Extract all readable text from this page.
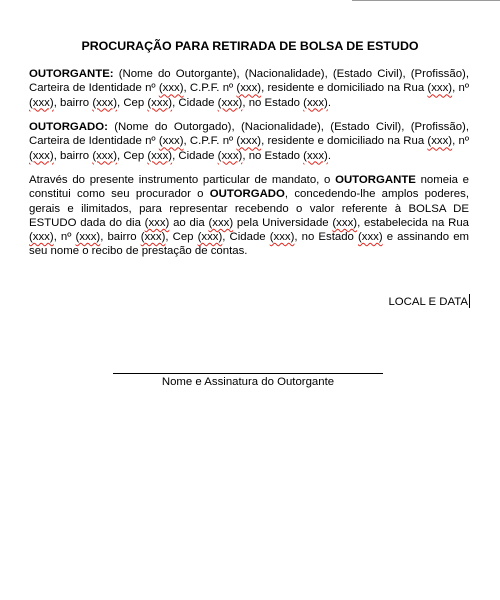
PROCURAÇÃO PARA RETIRADA DE BOLSA DE ESTUDO

OUTORGANTE: (Nome do Outorgante), (Nacionalidade), (Estado Civil), (Profissão), Carteira de Identidade nº (xxx), C.P.F. nº (xxx), residente e domiciliado na Rua (xxx), nº (xxx), bairro (xxx), Cep (xxx), Cidade (xxx), no Estado (xxx).

OUTORGADO: (Nome do Outorgado), (Nacionalidade), (Estado Civil), (Profissão), Carteira de Identidade nº (xxx), C.P.F. nº (xxx), residente e domiciliado na Rua (xxx), nº (xxx), bairro (xxx), Cep (xxx), Cidade (xxx), no Estado (xxx).

Através do presente instrumento particular de mandato, o OUTORGANTE nomeia e constitui como seu procurador o OUTORGADO, concedendo-lhe amplos poderes, gerais e ilimitados, para representar recebendo o valor referente à BOLSA DE ESTUDO dada do dia (xxx) ao dia (xxx) pela Universidade (xxx), estabelecida na Rua (xxx), nº (xxx), bairro (xxx), Cep (xxx), Cidade (xxx), no Estado (xxx) e assinando em seu nome o recibo de prestação de contas.

LOCAL E DATA
Nome e Assinatura do Outorgante
